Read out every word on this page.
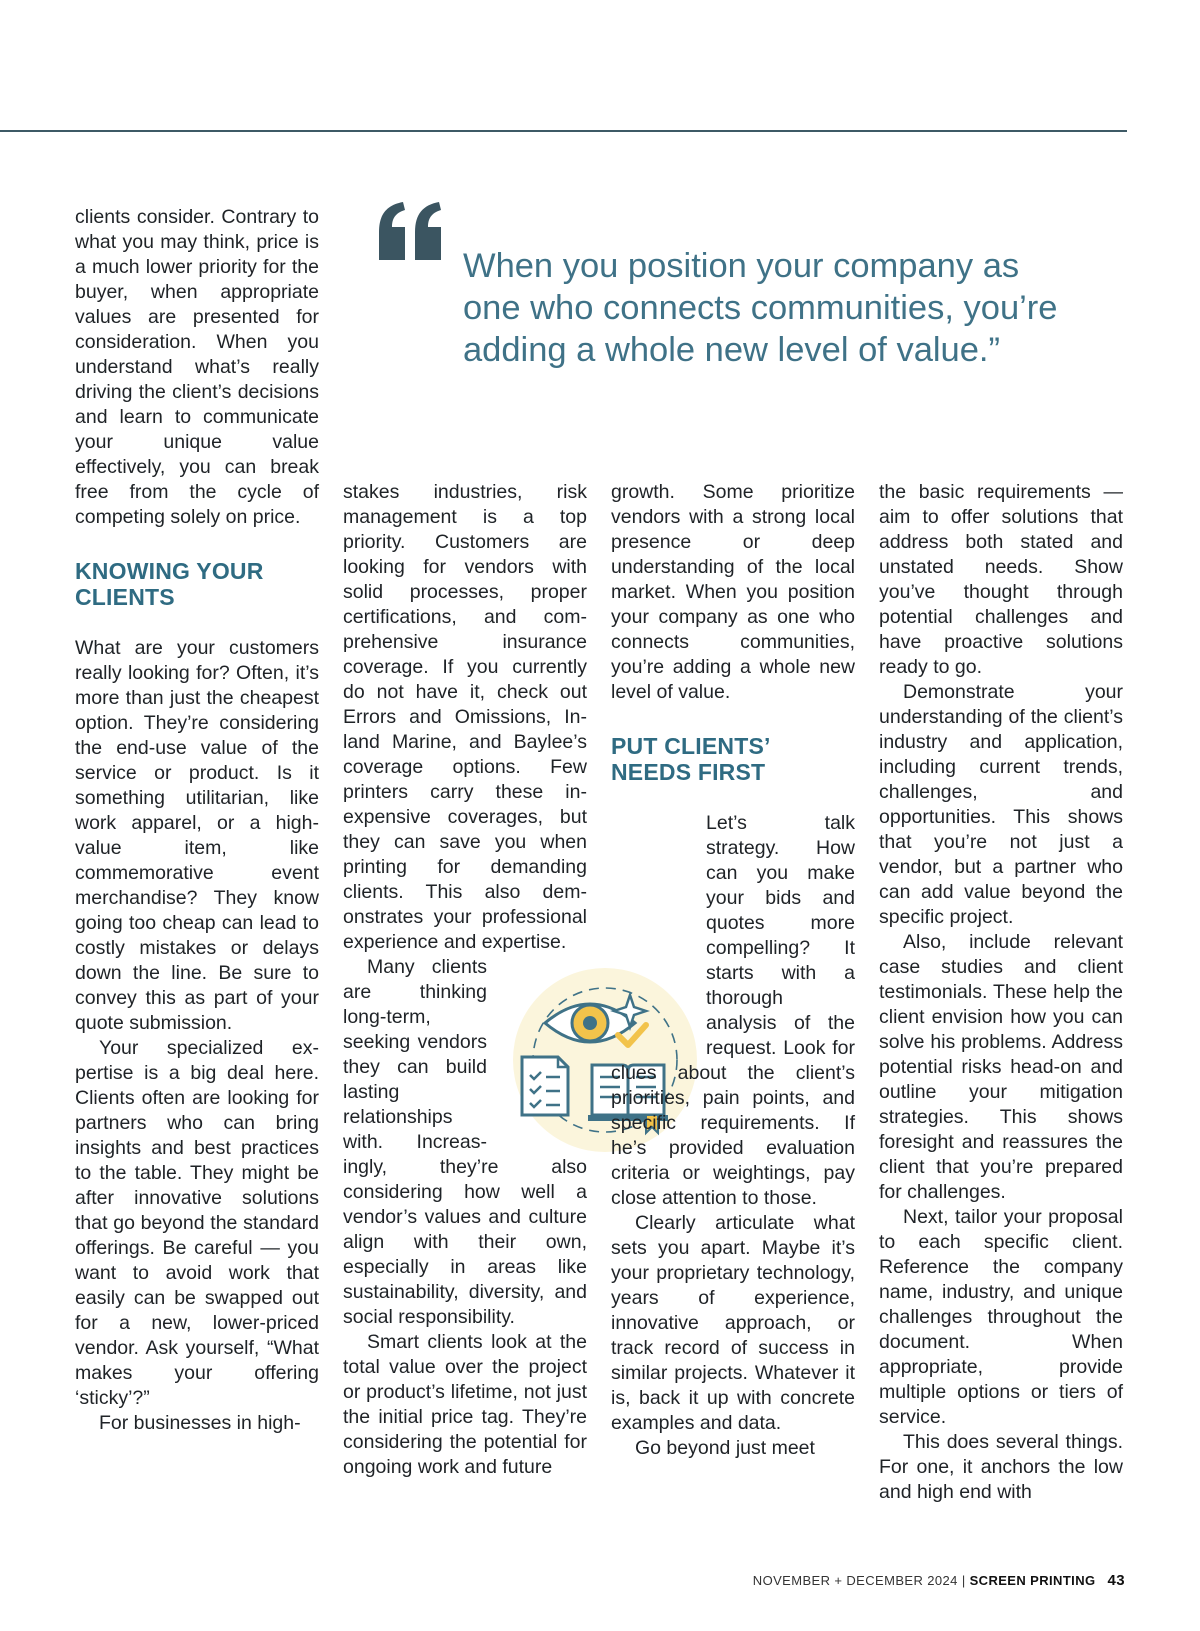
When you position your company as one who connects communities, you’re adding a whole new level of value.”

clients consider. Contrary to what you may think, price is a much lower priority for the buyer, when appropriate values are presented for consideration. When you understand what’s really driving the client’s decisions and learn to communicate your unique value effectively, you can break free from the cycle of competing solely on price.

KNOWING YOUR CLIENTS

What are your customers really looking for? Often, it’s more than just the cheapest option. They’re considering the end-use value of the service or product. Is it something utilitarian, like work apparel, or a high-value item, like commemorative event merchandise? They know going too cheap can lead to costly mistakes or delays down the line. Be sure to convey this as part of your quote submission.

Your specialized expertise is a big deal here. Clients often are looking for partners who can bring insights and best practices to the table. They might be after innovative solutions that go beyond the standard offerings. Be careful — you want to avoid work that easily can be swapped out for a new, lower-priced vendor. Ask yourself, “What makes your offering ‘sticky’?”

For businesses in high-

stakes industries, risk management is a top priority. Customers are looking for vendors with solid processes, proper certifications, and comprehensive insurance coverage. If you currently do not have it, check out Errors and Omissions, Inland Marine, and Baylee’s coverage options. Few printers carry these inexpensive coverages, but they can save you when printing for demanding clients. This also demonstrates your professional experience and expertise.

Many clients are thinking long-term, seeking vendors they can build lasting relationships with. Increasingly, they’re also considering how well a vendor’s values and culture align with their own, especially in areas like sustainability, diversity, and social responsibility.

Smart clients look at the total value over the project or product’s lifetime, not just the initial price tag. They’re considering the potential for ongoing work and future

growth. Some prioritize vendors with a strong local presence or deep understanding of the local market. When you position your company as one who connects communities, you’re adding a whole new level of value.

PUT CLIENTS’ NEEDS FIRST

Let’s talk strategy. How can you make your bids and quotes more compelling? It starts with a thorough analysis of the request. Look for clues about the client’s priorities, pain points, and specific requirements. If he’s provided evaluation criteria or weightings, pay close attention to those.

Clearly articulate what sets you apart. Maybe it’s your proprietary technology, years of experience, innovative approach, or track record of success in similar projects. Whatever it is, back it up with concrete examples and data.

Go beyond just meet

the basic requirements — aim to offer solutions that address both stated and unstated needs. Show you’ve thought through potential challenges and have proactive solutions ready to go.

Demonstrate your understanding of the client’s industry and application, including current trends, challenges, and opportunities. This shows that you’re not just a vendor, but a partner who can add value beyond the specific project.

Also, include relevant case studies and client testimonials. These help the client envision how you can solve his problems. Address potential risks head-on and outline your mitigation strategies. This shows foresight and reassures the client that you’re prepared for challenges.

Next, tailor your proposal to each specific client. Reference the company name, industry, and unique challenges throughout the document. When appropriate, provide multiple options or tiers of service.

This does several things. For one, it anchors the low and high end with

NOVEMBER + DECEMBER 2024 | SCREEN PRINTING 43
